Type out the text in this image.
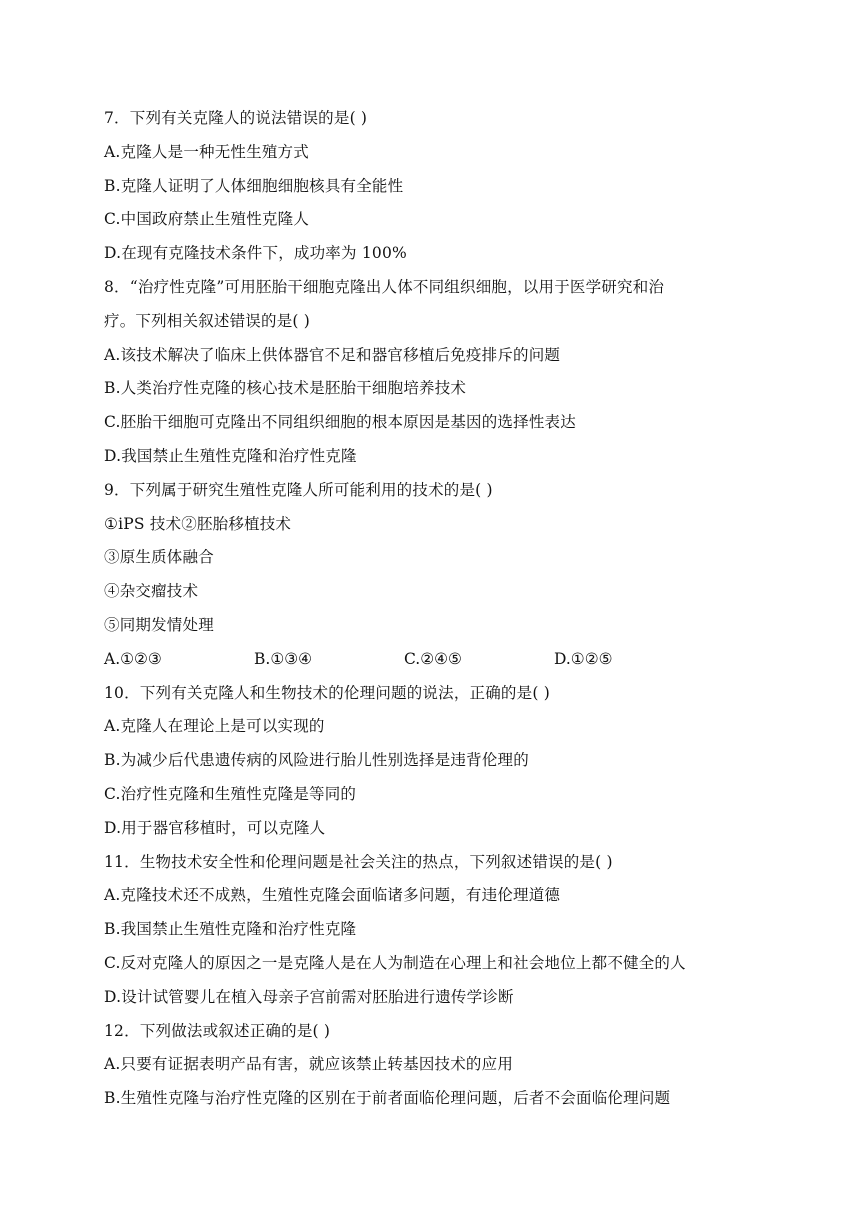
7．下列有关克隆人的说法错误的是( )
A.克隆人是一种无性生殖方式
B.克隆人证明了人体细胞细胞核具有全能性
C.中国政府禁止生殖性克隆人
D.在现有克隆技术条件下，成功率为 100%
8．“治疗性克隆”可用胚胎干细胞克隆出人体不同组织细胞，以用于医学研究和治
疗。下列相关叙述错误的是( )
A.该技术解决了临床上供体器官不足和器官移植后免疫排斥的问题
B.人类治疗性克隆的核心技术是胚胎干细胞培养技术
C.胚胎干细胞可克隆出不同组织细胞的根本原因是基因的选择性表达
D.我国禁止生殖性克隆和治疗性克隆
9．下列属于研究生殖性克隆人所可能利用的技术的是( )
①iPS 技术②胚胎移植技术
③原生质体融合
④杂交瘤技术
⑤同期发情处理
A.①②③	B.①③④	C.②④⑤	D.①②⑤
10．下列有关克隆人和生物技术的伦理问题的说法，正确的是( )
A.克隆人在理论上是可以实现的
B.为减少后代患遗传病的风险进行胎儿性别选择是违背伦理的
C.治疗性克隆和生殖性克隆是等同的
D.用于器官移植时，可以克隆人
11．生物技术安全性和伦理问题是社会关注的热点，下列叙述错误的是( )
A.克隆技术还不成熟，生殖性克隆会面临诸多问题，有违伦理道德
B.我国禁止生殖性克隆和治疗性克隆
C.反对克隆人的原因之一是克隆人是在人为制造在心理上和社会地位上都不健全的人
D.设计试管婴儿在植入母亲子宫前需对胚胎进行遗传学诊断
12．下列做法或叙述正确的是( )
A.只要有证据表明产品有害，就应该禁止转基因技术的应用
B.生殖性克隆与治疗性克隆的区别在于前者面临伦理问题，后者不会面临伦理问题
